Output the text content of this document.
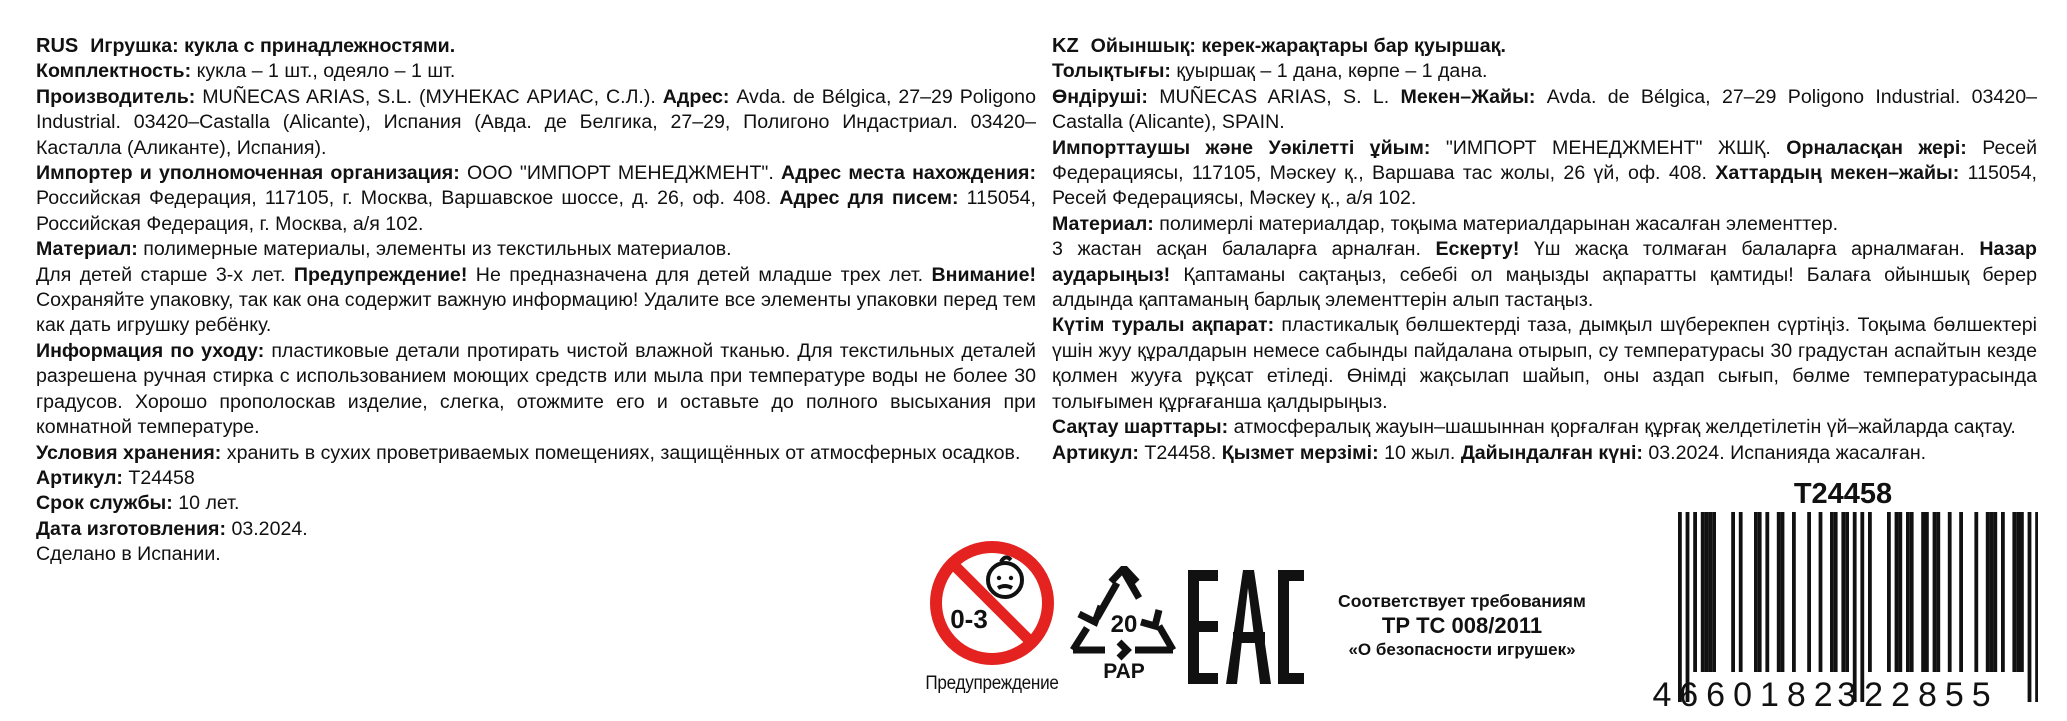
RUS Игрушка: кукла с принадлежностями.

Комплектность: кукла – 1 шт., одеяло – 1 шт.

Производитель: MUÑECAS ARIAS, S.L. (МУНЕКАС АРИАС, С.Л.). Адрес: Avda. de Bélgica, 27–29 Poligono Industrial. 03420–Castalla (Alicante), Испания (Авда. де Белгика, 27–29, Полигоно Индастриал. 03420–Касталла (Аликанте), Испания).

Импортер и уполномоченная организация: ООО "ИМПОРТ МЕНЕДЖМЕНТ". Адрес места нахождения: Российская Федерация, 117105, г. Москва, Варшавское шоссе, д. 26, оф. 408. Адрес для писем: 115054, Российская Федерация, г. Москва, а/я 102.

Материал: полимерные материалы, элементы из текстильных материалов.

Для детей старше 3-х лет. Предупреждение! Не предназначена для детей младше трех лет. Внимание! Сохраняйте упаковку, так как она содержит важную информацию! Удалите все элементы упаковки перед тем как дать игрушку ребёнку.

Информация по уходу: пластиковые детали протирать чистой влажной тканью. Для текстильных деталей разрешена ручная стирка с использованием моющих средств или мыла при температуре воды не более 30 градусов. Хорошо прополоскав изделие, слегка, отожмите его и оставьте до полного высыхания при комнатной температуре.

Условия хранения: хранить в сухих проветриваемых помещениях, защищённых от атмосферных осадков.

Артикул: T24458

Срок службы: 10 лет.

Дата изготовления: 03.2024.

Сделано в Испании.

KZ Ойыншық: керек-жарақтары бар қуыршақ.

Толықтығы: қуыршақ – 1 дана, көрпе – 1 дана.

Өндіруші: MUÑECAS ARIAS, S. L. Мекен–Жайы: Avda. de Bélgica, 27–29 Poligono Industrial. 03420–Castalla (Alicante), SPAIN.

Импорттаушы және Уәкілетті ұйым: "ИМПОРТ МЕНЕДЖМЕНТ" ЖШҚ. Орналасқан жері: Ресей Федерациясы, 117105, Мәскеу қ., Варшава тас жолы, 26 үй, оф. 408. Хаттардың мекен–жайы: 115054, Ресей Федерациясы, Мәскеу қ., а/я 102.

Материал: полимерлі материалдар, тоқыма материалдарынан жасалған элементтер.

3 жастан асқан балаларға арналған. Ескерту! Үш жасқа толмаған балаларға арналмаған. Назар аударыңыз! Қаптаманы сақтаңыз, себебі ол маңызды ақпаратты қамтиды! Балаға ойыншық берер алдында қаптаманың барлық элементтерін алып тастаңыз.

Күтім туралы ақпарат: пластикалық бөлшектерді таза, дымқыл шүберекпен сүртіңіз. Тоқыма бөлшектері үшін жуу құралдарын немесе сабынды пайдалана отырып, су температурасы 30 градустан аспайтын кезде қолмен жууға рұқсат етіледі. Өнімді жақсылап шайып, оны аздап сығып, бөлме температурасында толығымен құрғағанша қалдырыңыз.

Сақтау шарттары: атмосфералық жауын–шашыннан қорғалған құрғақ желдетілетін үй–жайларда сақтау.

Артикул: T24458. Қызмет мерзімі: 10 жыл. Дайындалған күні: 03.2024. Испанияда жасалған.

0-3
Предупреждение
20
PAP
Соответствует требованиям
ТР ТС 008/2011
«О безопасности игрушек»
T24458
4 660182
322855
